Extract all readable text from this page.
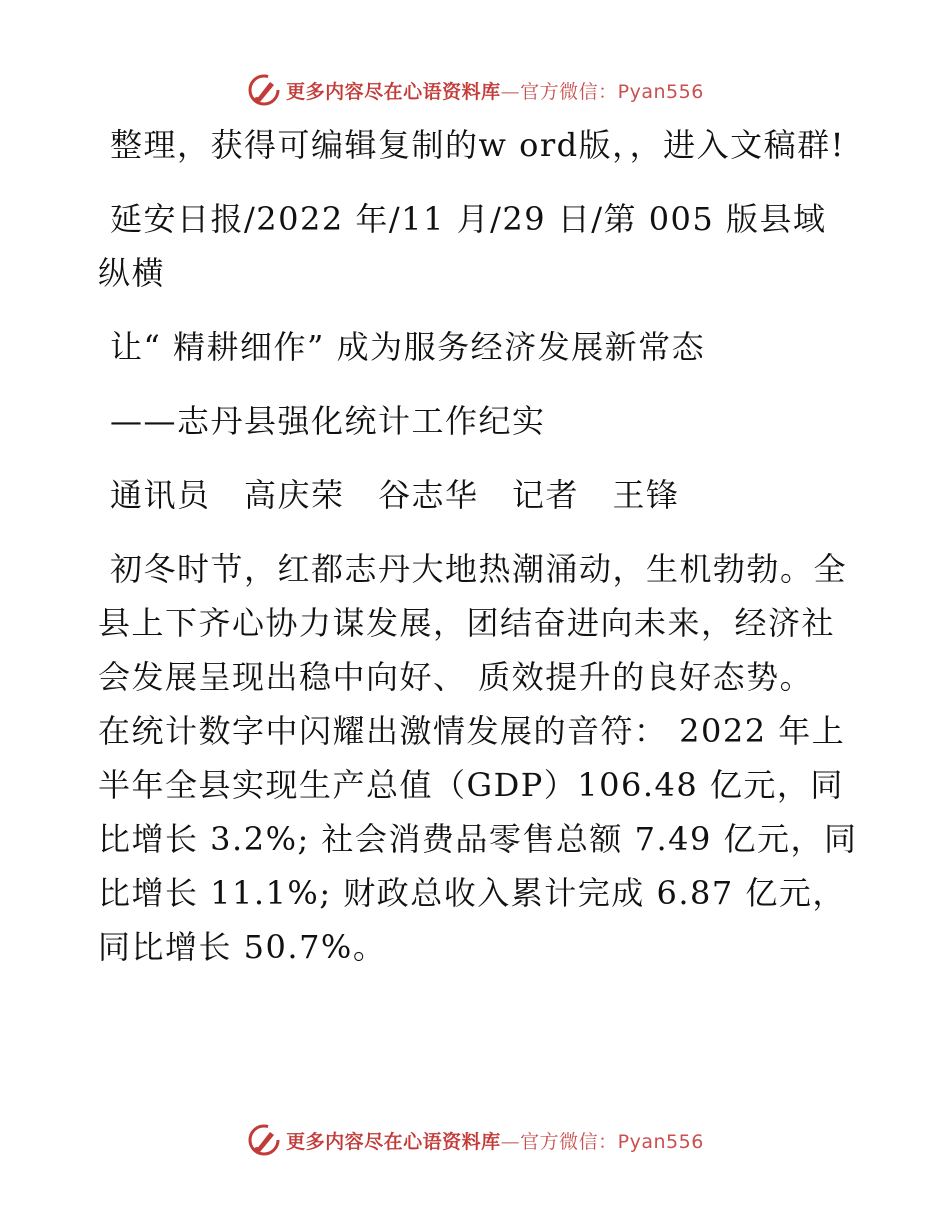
更多内容尽在心语资料库—官方微信：Pyan556

整理，获得可编辑复制的w ord版，，进入文稿群!

延安日报/2022 年/11 月/29 日/第 005 版县域纵横

让“ 精耕细作” 成为服务经济发展新常态

——志丹县强化统计工作纪实

通讯员　高庆荣　谷志华　记者　王锋

初冬时节，红都志丹大地热潮涌动，生机勃勃。全县上下齐心协力谋发展，团结奋进向未来，经济社会发展呈现出稳中向好、 质效提升的良好态势。 在统计数字中闪耀出激情发展的音符： 2022 年上半年全县实现生产总值（GDP）106.48 亿元，同比增长 3.2%; 社会消费品零售总额 7.49 亿元，同比增长 11.1%; 财政总收入累计完成 6.87 亿元，同比增长 50.7%。

更多内容尽在心语资料库—官方微信：Pyan556
